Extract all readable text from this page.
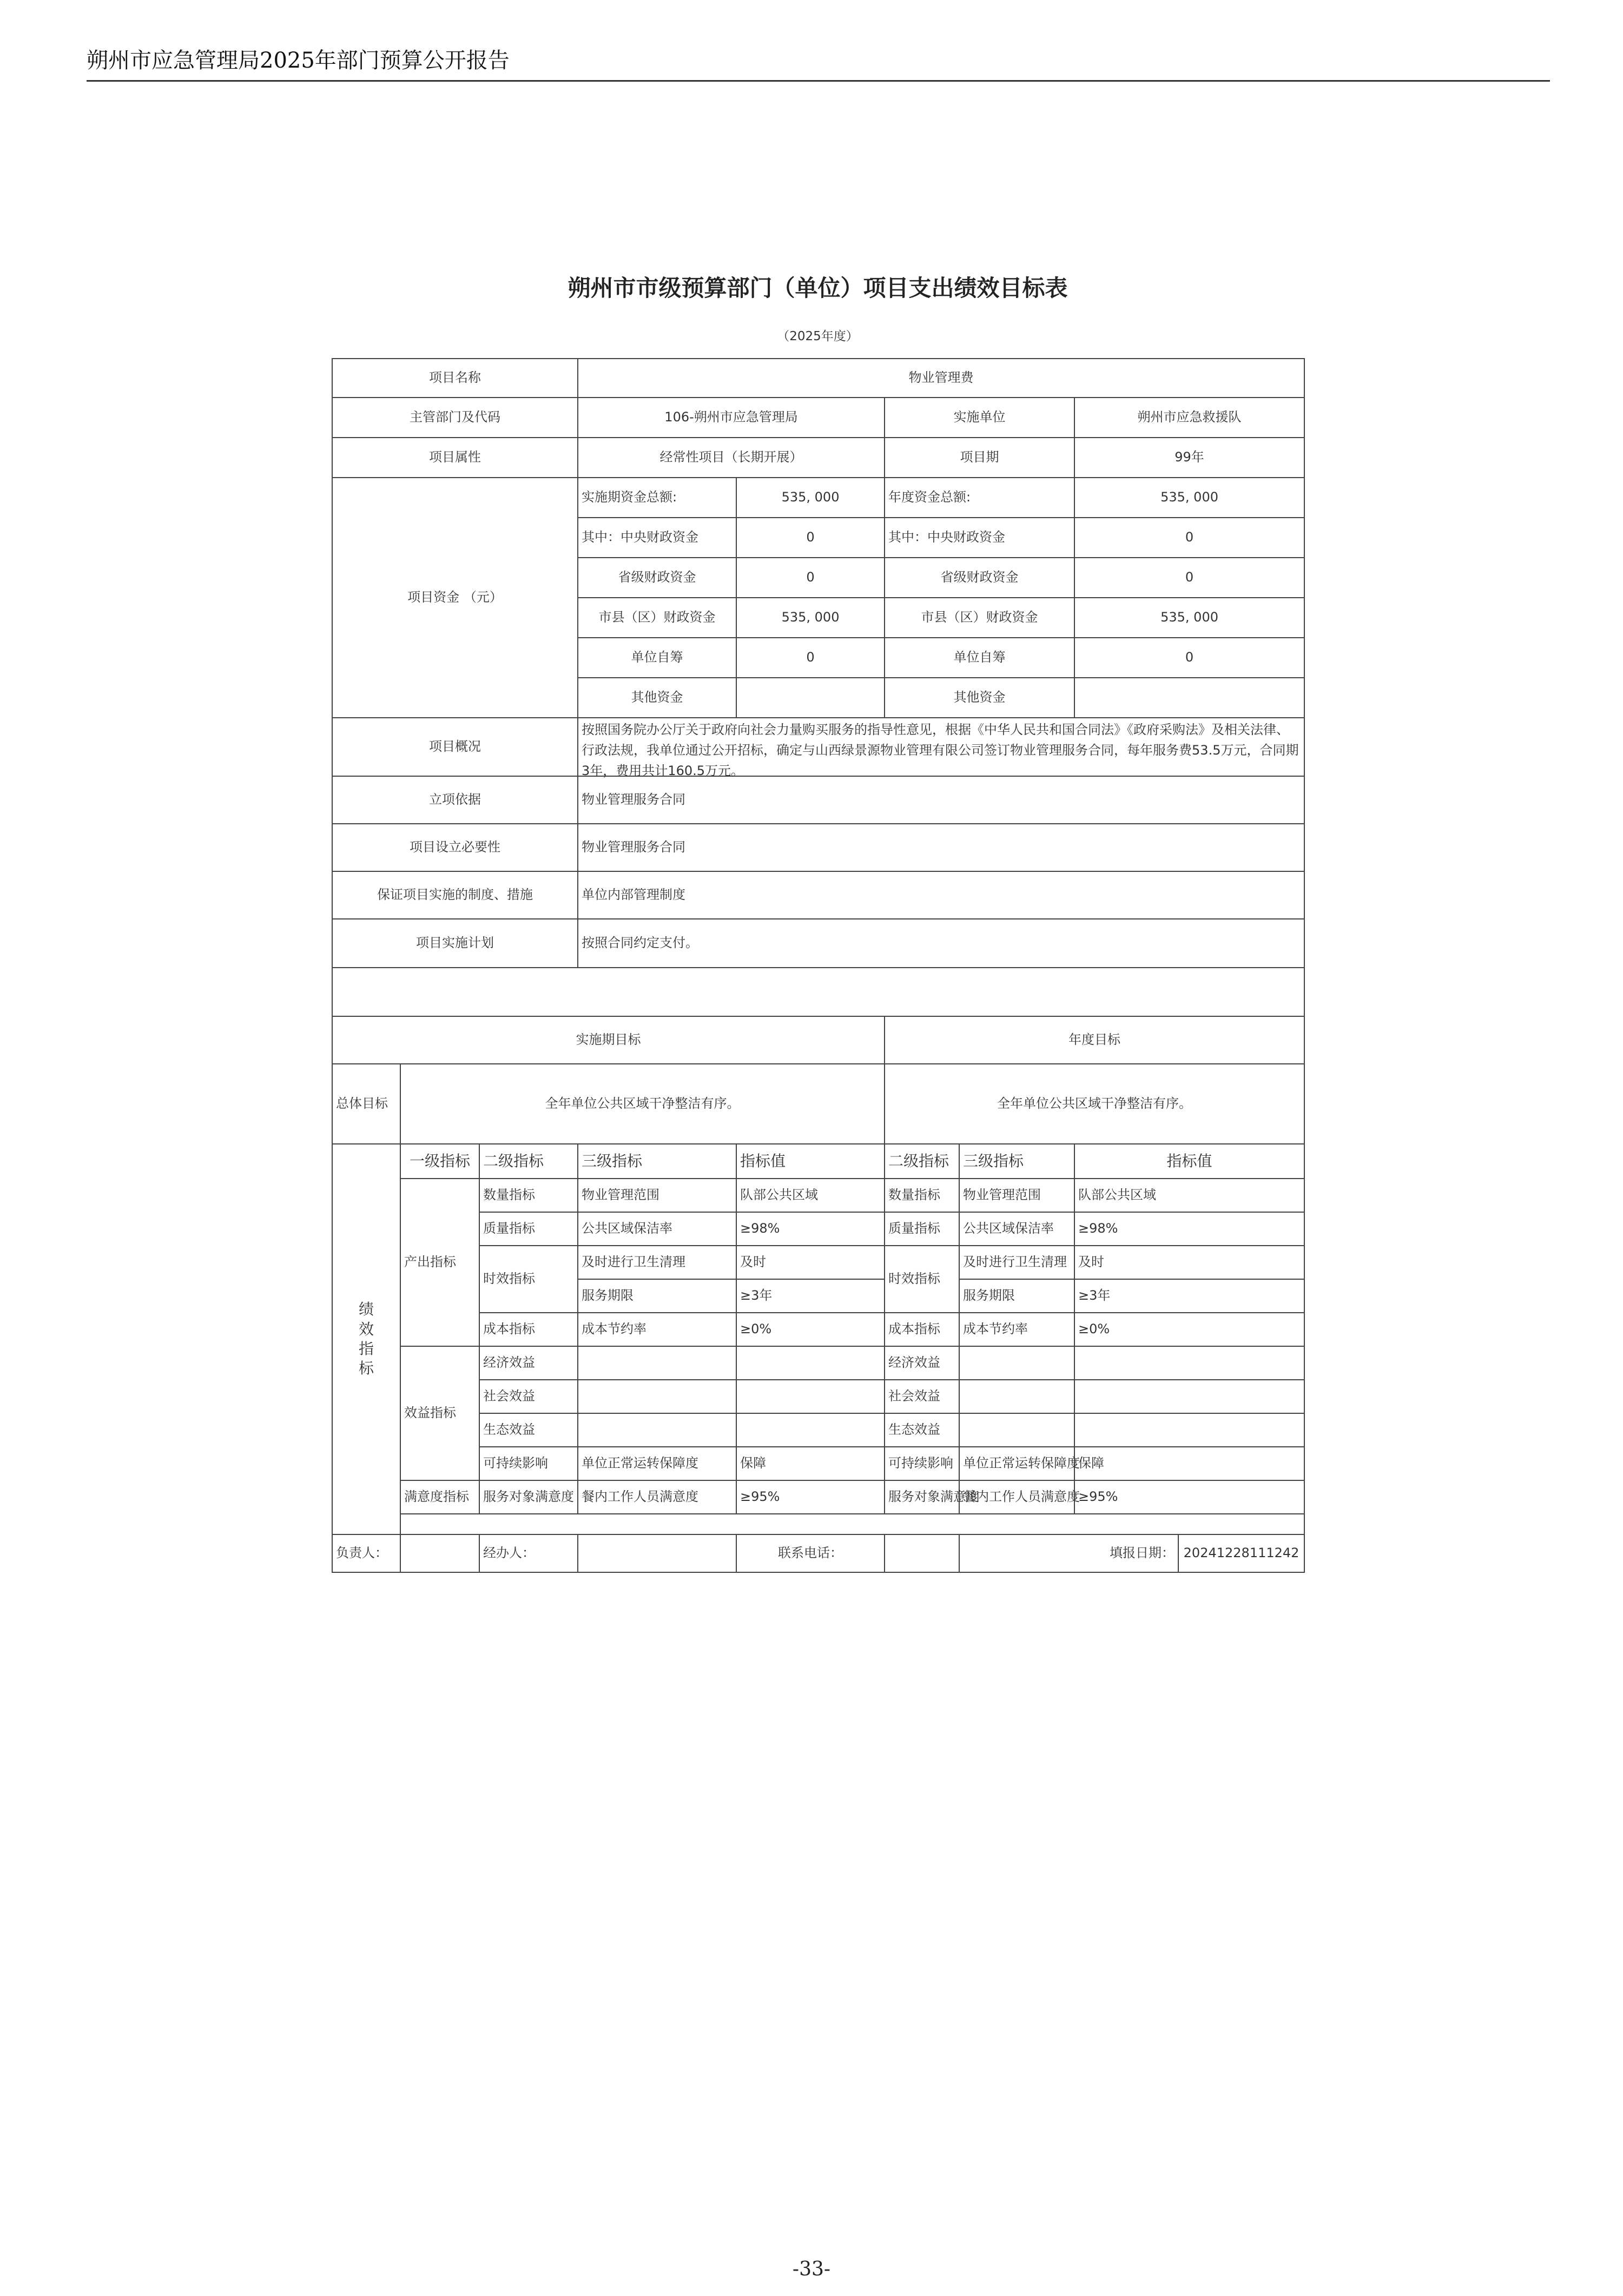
朔州市应急管理局2025年部门预算公开报告
朔州市市级预算部门（单位）项目支出绩效目标表
（2025年度）
项目名称			物业管理费					
主管部门及代码			106-朔州市应急管理局		实施单位		朔州市应急救援队	
项目属性			经常性项目（长期开展）		项目期		99年	
项目资金 （元）			实施期资金总额:	535, 000	年度资金总额:		535, 000	
			其中：中央财政资金	0	其中：中央财政资金		0	
			省级财政资金	0	省级财政资金		0	
			市县（区）财政资金	535, 000	市县（区）财政资金		535, 000	
			单位自筹	0	单位自筹		0	
			其他资金		其他资金			
项目概况			按照国务院办公厅关于政府向社会力量购买服务的指导性意见，根据《中华人民共和国合同法》《政府采购法》及相关法律、行政法规，我单位通过公开招标，确定与山西绿景源物业管理有限公司签订物业管理服务合同，每年服务费53.5万元，合同期3年，费用共计160.5万元。					

立项依据			物业管理服务合同					
项目设立必要性			物业管理服务合同					
保证项目实施的制度、措施			单位内部管理制度					
项目实施计划			按照合同约定支付。					

实施期目标					年度目标			
总体目标	全年单位公共区域干净整洁有序。				全年单位公共区域干净整洁有序。			
绩
效
指
标	一级指标	二级指标	三级指标	指标值	二级指标	三级指标	指标值	
	产出指标	数量指标	物业管理范围	队部公共区域	数量指标	物业管理范围	队部公共区域	
		质量指标	公共区域保洁率	≥98%	质量指标	公共区域保洁率	≥98%	
		时效指标	及时进行卫生清理	及时	时效指标	及时进行卫生清理	及时	
			服务期限	≥3年		服务期限	≥3年	
		成本指标	成本节约率	≥0%	成本指标	成本节约率	≥0%	
	效益指标	经济效益			经济效益			
		社会效益			社会效益			
		生态效益			生态效益			
		可持续影响	单位正常运转保障度	保障	可持续影响	单位正常运转保障度	保障	
	满意度指标	服务对象满意度	餐内工作人员满意度	≥95%	服务对象满意度	餐内工作人员满意度	≥95%	

负责人：		经办人：		联系电话：		填报日期：		20241228111242
-33-
